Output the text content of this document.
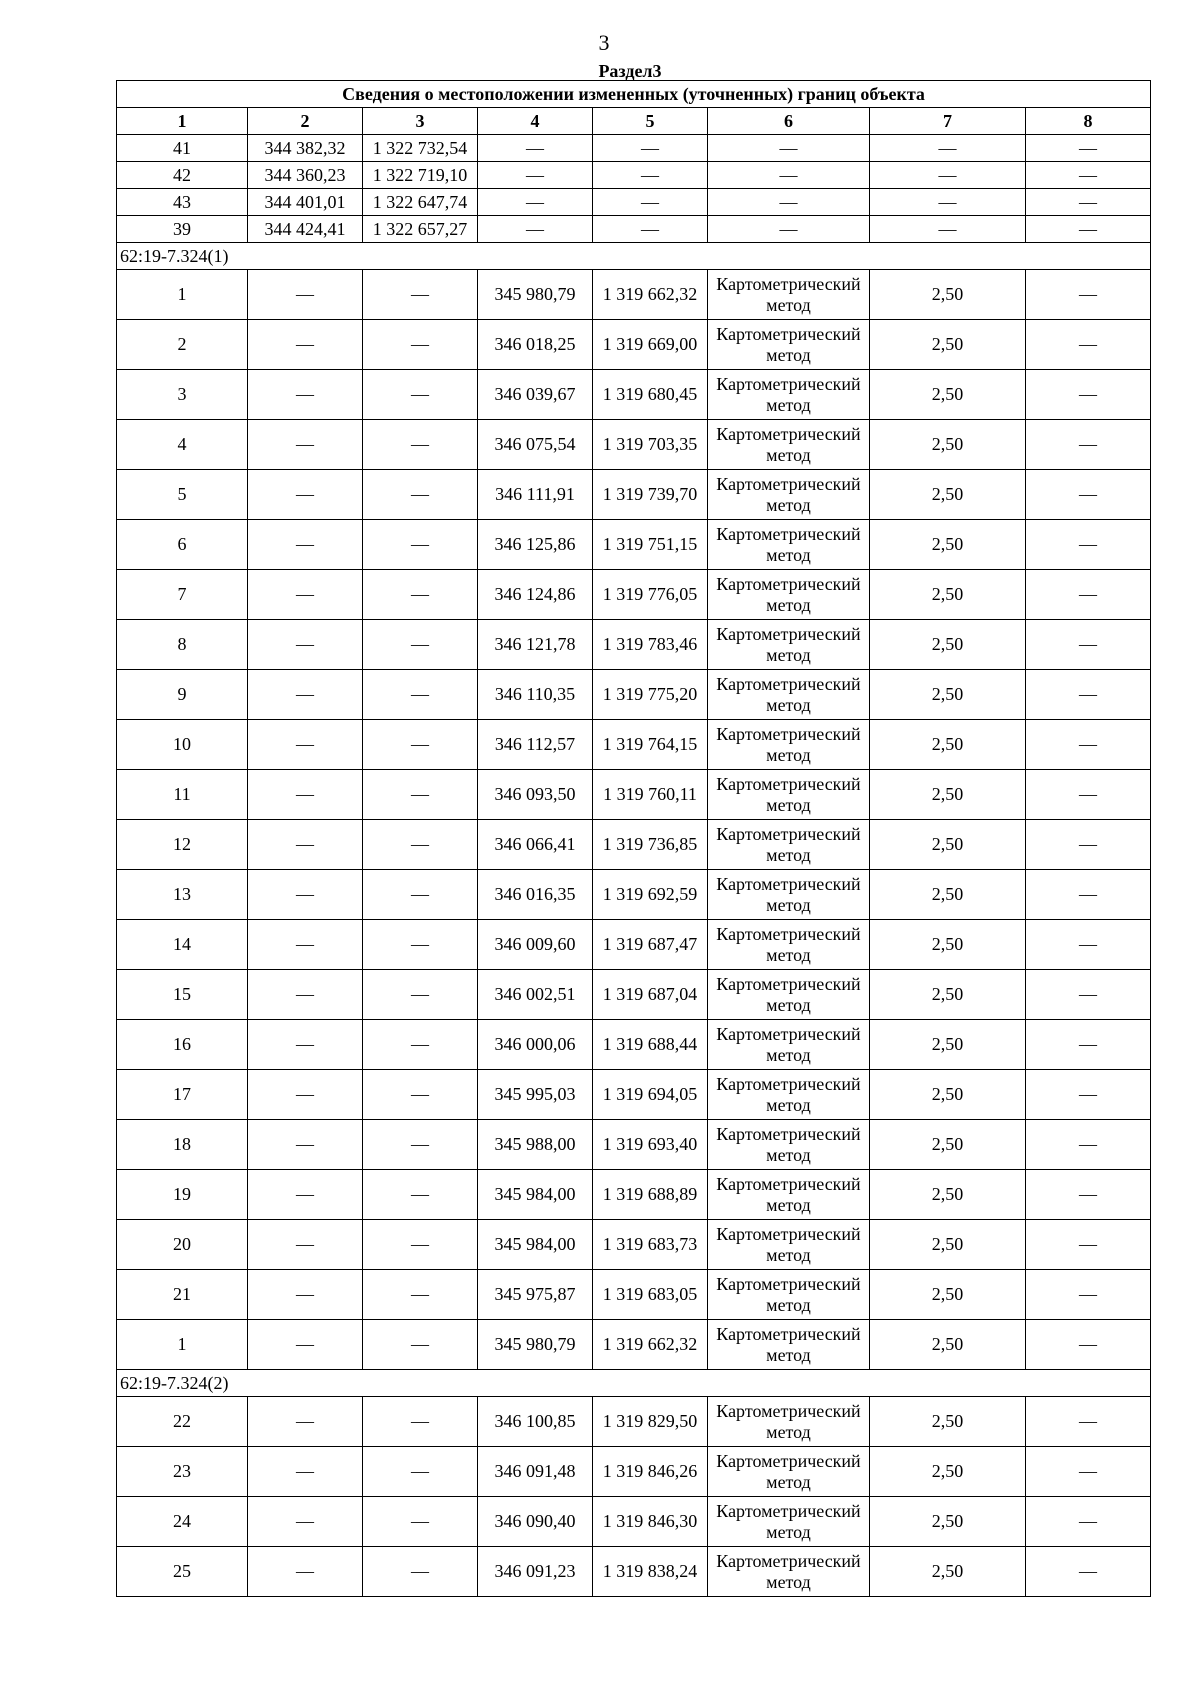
3
Раздел3
Сведения о местоположении измененных (уточненных) границ объекта							
1	2	3	4	5	6	7	8
41	344 382,32	1 322 732,54	—	—	—	—	—
42	344 360,23	1 322 719,10	—	—	—	—	—
43	344 401,01	1 322 647,74	—	—	—	—	—
39	344 424,41	1 322 657,27	—	—	—	—	—
62:19-7.324(1)							
1	—	—	345 980,79	1 319 662,32	Картометрический метод	2,50	—
2	—	—	346 018,25	1 319 669,00	Картометрический метод	2,50	—
3	—	—	346 039,67	1 319 680,45	Картометрический метод	2,50	—
4	—	—	346 075,54	1 319 703,35	Картометрический метод	2,50	—
5	—	—	346 111,91	1 319 739,70	Картометрический метод	2,50	—
6	—	—	346 125,86	1 319 751,15	Картометрический метод	2,50	—
7	—	—	346 124,86	1 319 776,05	Картометрический метод	2,50	—
8	—	—	346 121,78	1 319 783,46	Картометрический метод	2,50	—
9	—	—	346 110,35	1 319 775,20	Картометрический метод	2,50	—
10	—	—	346 112,57	1 319 764,15	Картометрический метод	2,50	—
11	—	—	346 093,50	1 319 760,11	Картометрический метод	2,50	—
12	—	—	346 066,41	1 319 736,85	Картометрический метод	2,50	—
13	—	—	346 016,35	1 319 692,59	Картометрический метод	2,50	—
14	—	—	346 009,60	1 319 687,47	Картометрический метод	2,50	—
15	—	—	346 002,51	1 319 687,04	Картометрический метод	2,50	—
16	—	—	346 000,06	1 319 688,44	Картометрический метод	2,50	—
17	—	—	345 995,03	1 319 694,05	Картометрический метод	2,50	—
18	—	—	345 988,00	1 319 693,40	Картометрический метод	2,50	—
19	—	—	345 984,00	1 319 688,89	Картометрический метод	2,50	—
20	—	—	345 984,00	1 319 683,73	Картометрический метод	2,50	—
21	—	—	345 975,87	1 319 683,05	Картометрический метод	2,50	—
1	—	—	345 980,79	1 319 662,32	Картометрический метод	2,50	—
62:19-7.324(2)							
22	—	—	346 100,85	1 319 829,50	Картометрический метод	2,50	—
23	—	—	346 091,48	1 319 846,26	Картометрический метод	2,50	—
24	—	—	346 090,40	1 319 846,30	Картометрический метод	2,50	—
25	—	—	346 091,23	1 319 838,24	Картометрический метод	2,50	—
